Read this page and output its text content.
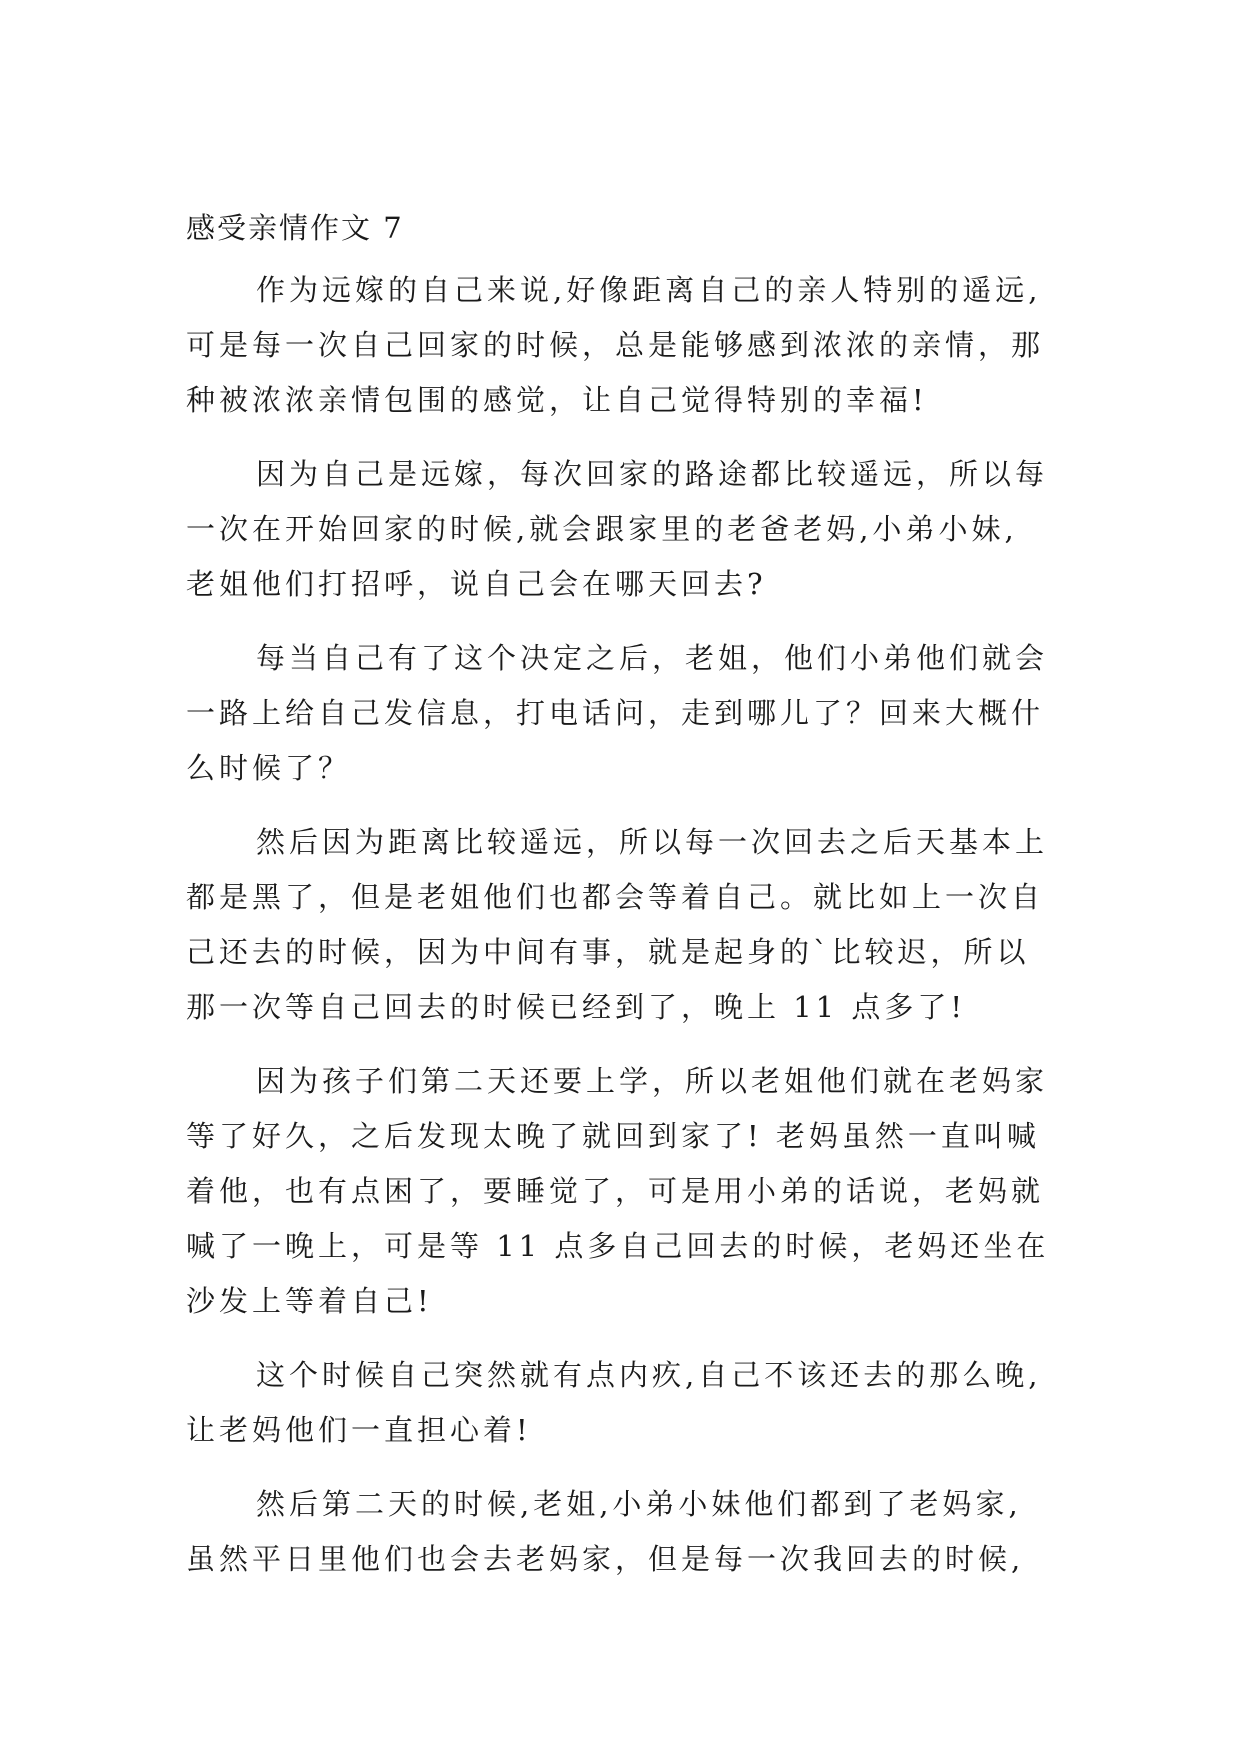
感受亲情作文 7

作为远嫁的自己来说,好像距离自己的亲人特别的遥远,
可是每一次自己回家的时候，总是能够感到浓浓的亲情，那
种被浓浓亲情包围的感觉，让自己觉得特别的幸福!

因为自己是远嫁，每次回家的路途都比较遥远，所以每
一次在开始回家的时候,就会跟家里的老爸老妈,小弟小妹,
老姐他们打招呼，说自己会在哪天回去?

每当自己有了这个决定之后，老姐，他们小弟他们就会
一路上给自己发信息，打电话问，走到哪儿了？回来大概什
么时候了？

然后因为距离比较遥远，所以每一次回去之后天基本上
都是黑了，但是老姐他们也都会等着自己。就比如上一次自
己还去的时候，因为中间有事，就是起身的`比较迟，所以
那一次等自己回去的时候已经到了，晚上 11 点多了!

因为孩子们第二天还要上学，所以老姐他们就在老妈家
等了好久，之后发现太晚了就回到家了! 老妈虽然一直叫喊
着他，也有点困了，要睡觉了，可是用小弟的话说，老妈就
喊了一晚上，可是等 11 点多自己回去的时候，老妈还坐在
沙发上等着自己!

这个时候自己突然就有点内疚,自己不该还去的那么晚,
让老妈他们一直担心着!

然后第二天的时候,老姐,小弟小妹他们都到了老妈家,
虽然平日里他们也会去老妈家，但是每一次我回去的时候,
